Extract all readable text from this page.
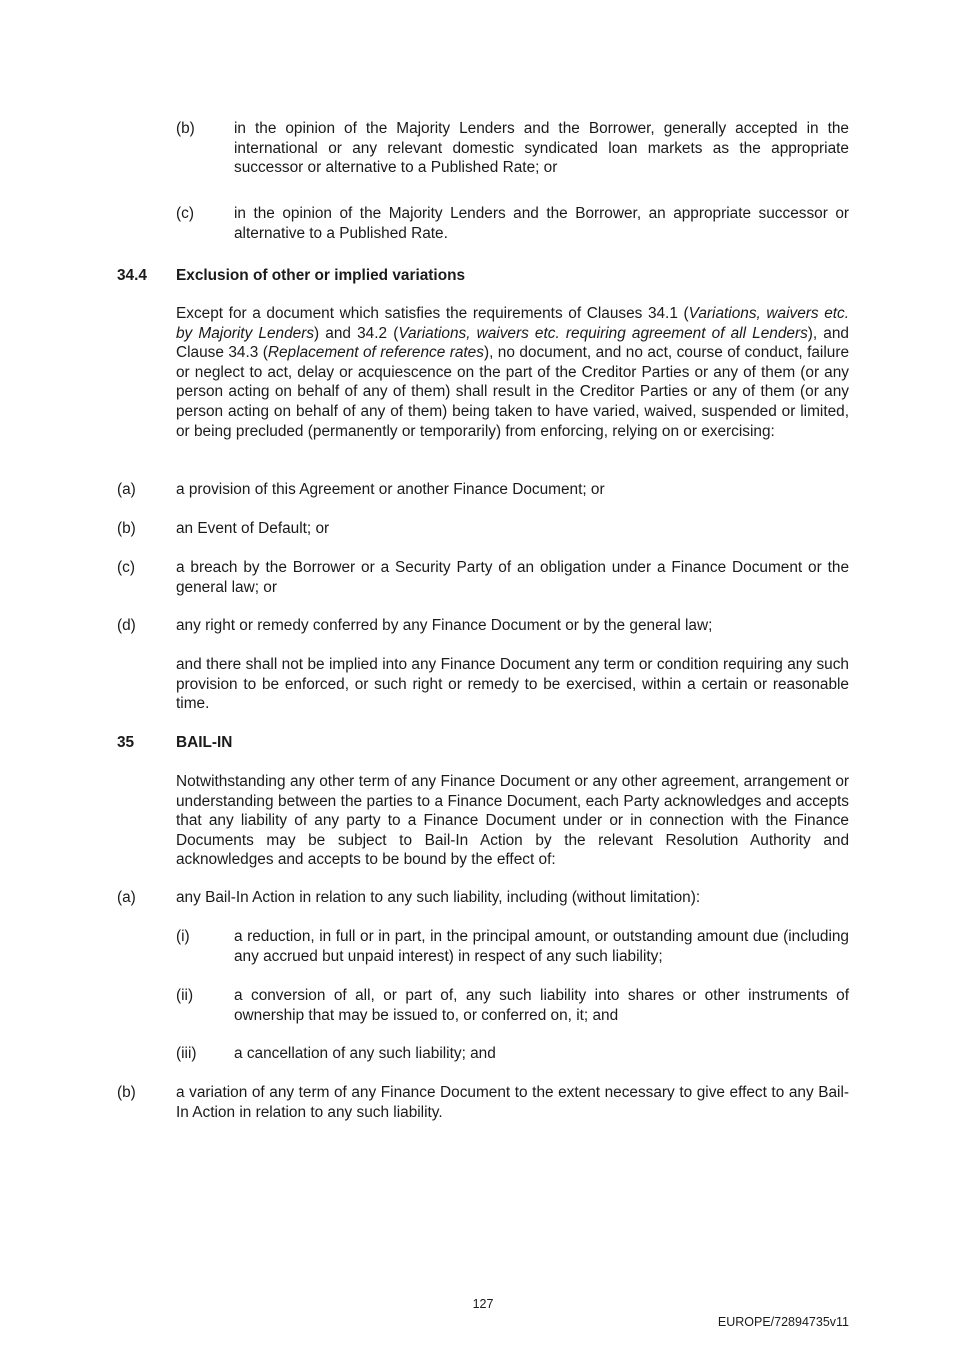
(b)	in the opinion of the Majority Lenders and the Borrower, generally accepted in the international or any relevant domestic syndicated loan markets as the appropriate successor or alternative to a Published Rate; or
(c)	in the opinion of the Majority Lenders and the Borrower, an appropriate successor or alternative to a Published Rate.
34.4 Exclusion of other or implied variations
Except for a document which satisfies the requirements of Clauses 34.1 (Variations, waivers etc. by Majority Lenders) and 34.2 (Variations, waivers etc. requiring agreement of all Lenders), and Clause 34.3 (Replacement of reference rates), no document, and no act, course of conduct, failure or neglect to act, delay or acquiescence on the part of the Creditor Parties or any of them (or any person acting on behalf of any of them) shall result in the Creditor Parties or any of them (or any person acting on behalf of any of them) being taken to have varied, waived, suspended or limited, or being precluded (permanently or temporarily) from enforcing, relying on or exercising:
(a)	a provision of this Agreement or another Finance Document; or
(b)	an Event of Default; or
(c)	a breach by the Borrower or a Security Party of an obligation under a Finance Document or the general law; or
(d)	any right or remedy conferred by any Finance Document or by the general law;
and there shall not be implied into any Finance Document any term or condition requiring any such provision to be enforced, or such right or remedy to be exercised, within a certain or reasonable time.
35	BAIL-IN
Notwithstanding any other term of any Finance Document or any other agreement, arrangement or understanding between the parties to a Finance Document, each Party acknowledges and accepts that any liability of any party to a Finance Document under or in connection with the Finance Documents may be subject to Bail-In Action by the relevant Resolution Authority and acknowledges and accepts to be bound by the effect of:
(a)	any Bail-In Action in relation to any such liability, including (without limitation):
(i)	a reduction, in full or in part, in the principal amount, or outstanding amount due (including any accrued but unpaid interest) in respect of any such liability;
(ii)	a conversion of all, or part of, any such liability into shares or other instruments of ownership that may be issued to, or conferred on, it; and
(iii) a cancellation of any such liability; and
(b)	a variation of any term of any Finance Document to the extent necessary to give effect to any Bail-In Action in relation to any such liability.
127
EUROPE/72894735v11
